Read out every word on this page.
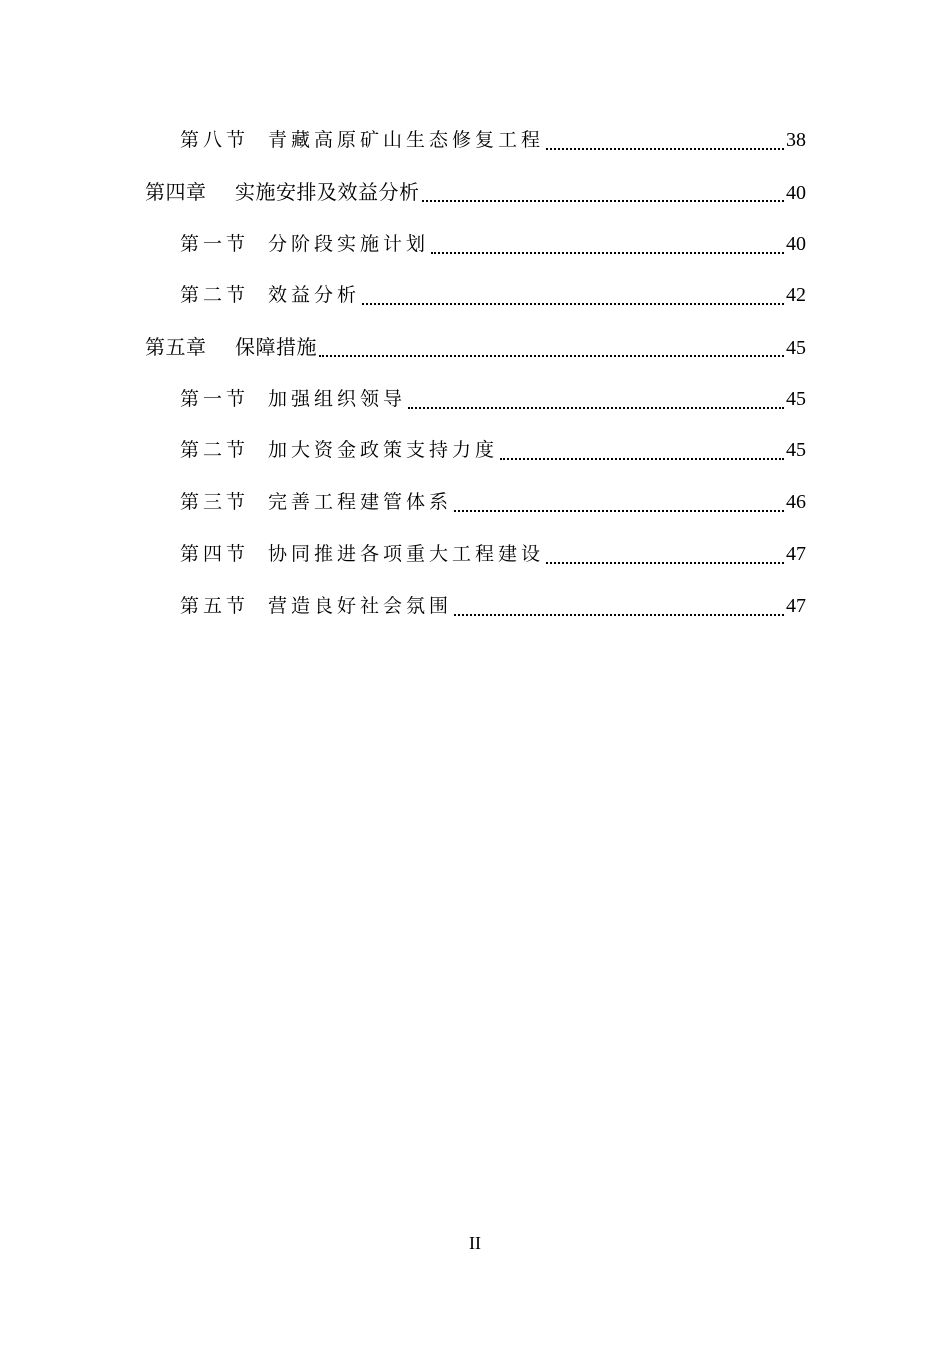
第八节 青藏高原矿山生态修复工程	38
第四章	实施安排及效益分析	40
第一节 分阶段实施计划	40
第二节 效益分析	42
第五章	保障措施	45
第一节 加强组织领导	45
第二节 加大资金政策支持力度	45
第三节 完善工程建管体系	46
第四节 协同推进各项重大工程建设	47
第五节 营造良好社会氛围	47
II
